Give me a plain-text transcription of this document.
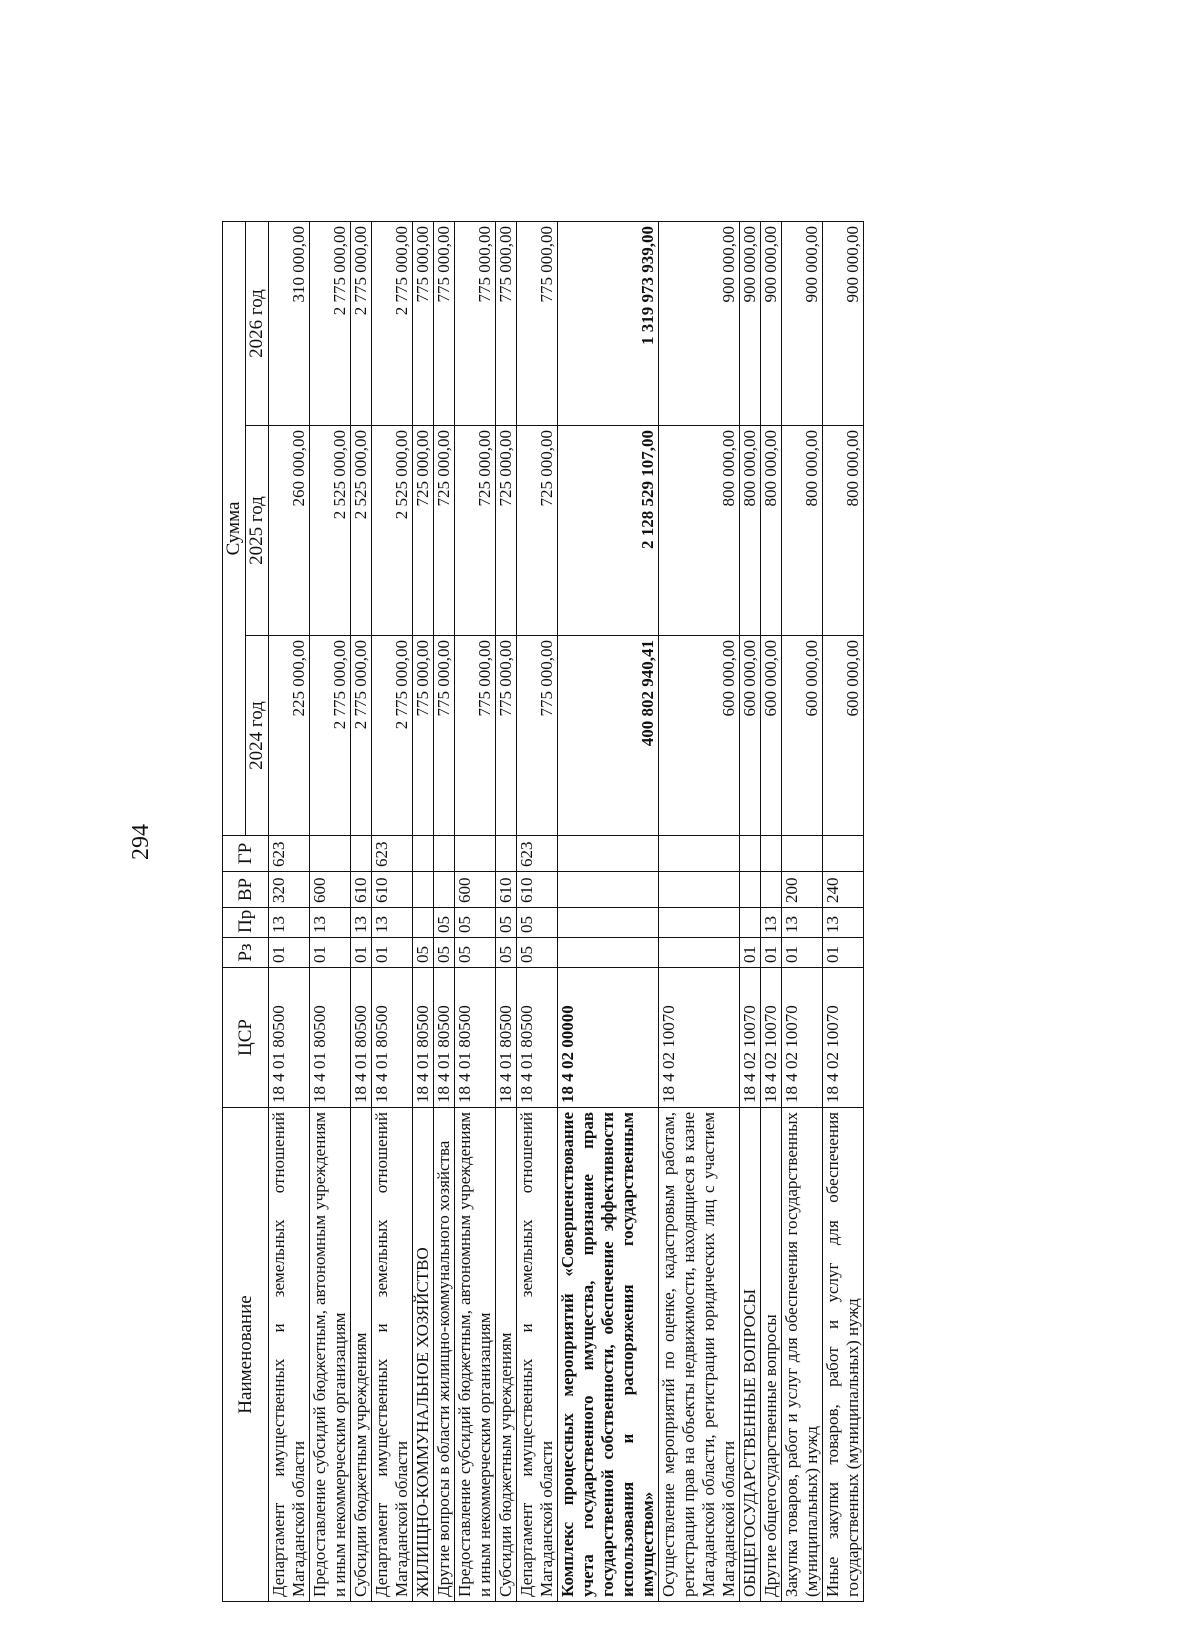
294
Наименование	ЦСР	Рз	Пр	ВР	ГР	Сумма		
						2024 год	2025 год	2026 год
Департамент имущественных и земельных отношений Магаданской области	18 4 01 80500	01	13	320	623	225 000,00	260 000,00	310 000,00
Предоставление субсидий бюджетным, автономным учреждениям и иным некоммерческим организациям	18 4 01 80500	01	13	600		2 775 000,00	2 525 000,00	2 775 000,00
Субсидии бюджетным учреждениям	18 4 01 80500	01	13	610		2 775 000,00	2 525 000,00	2 775 000,00
Департамент имущественных и земельных отношений Магаданской области	18 4 01 80500	01	13	610	623	2 775 000,00	2 525 000,00	2 775 000,00
ЖИЛИЩНО-КОММУНАЛЬНОЕ ХОЗЯЙСТВО	18 4 01 80500	05				775 000,00	725 000,00	775 000,00
Другие вопросы в области жилищно-коммунального хозяйства	18 4 01 80500	05	05			775 000,00	725 000,00	775 000,00
Предоставление субсидий бюджетным, автономным учреждениям и иным некоммерческим организациям	18 4 01 80500	05	05	600		775 000,00	725 000,00	775 000,00
Субсидии бюджетным учреждениям	18 4 01 80500	05	05	610		775 000,00	725 000,00	775 000,00
Департамент имущественных и земельных отношений Магаданской области	18 4 01 80500	05	05	610	623	775 000,00	725 000,00	775 000,00
Комплекс процессных мероприятий «Совершенствование учета государственного имущества, признание прав государственной собственности, обеспечение эффективности использования и распоряжения государственным имуществом»	18 4 02 00000					400 802 940,41	2 128 529 107,00	1 319 973 939,00
Осуществление мероприятий по оценке, кадастровым работам, регистрации прав на объекты недвижимости, находящиеся в казне Магаданской области, регистрации юридических лиц с участием Магаданской области	18 4 02 10070					600 000,00	800 000,00	900 000,00
ОБЩЕГОСУДАРСТВЕННЫЕ ВОПРОСЫ	18 4 02 10070	01				600 000,00	800 000,00	900 000,00
Другие общегосударственные вопросы	18 4 02 10070	01	13			600 000,00	800 000,00	900 000,00
Закупка товаров, работ и услуг для обеспечения государственных (муниципальных) нужд	18 4 02 10070	01	13	200		600 000,00	800 000,00	900 000,00
Иные закупки товаров, работ и услуг для обеспечения государственных (муниципальных) нужд	18 4 02 10070	01	13	240		600 000,00	800 000,00	900 000,00
